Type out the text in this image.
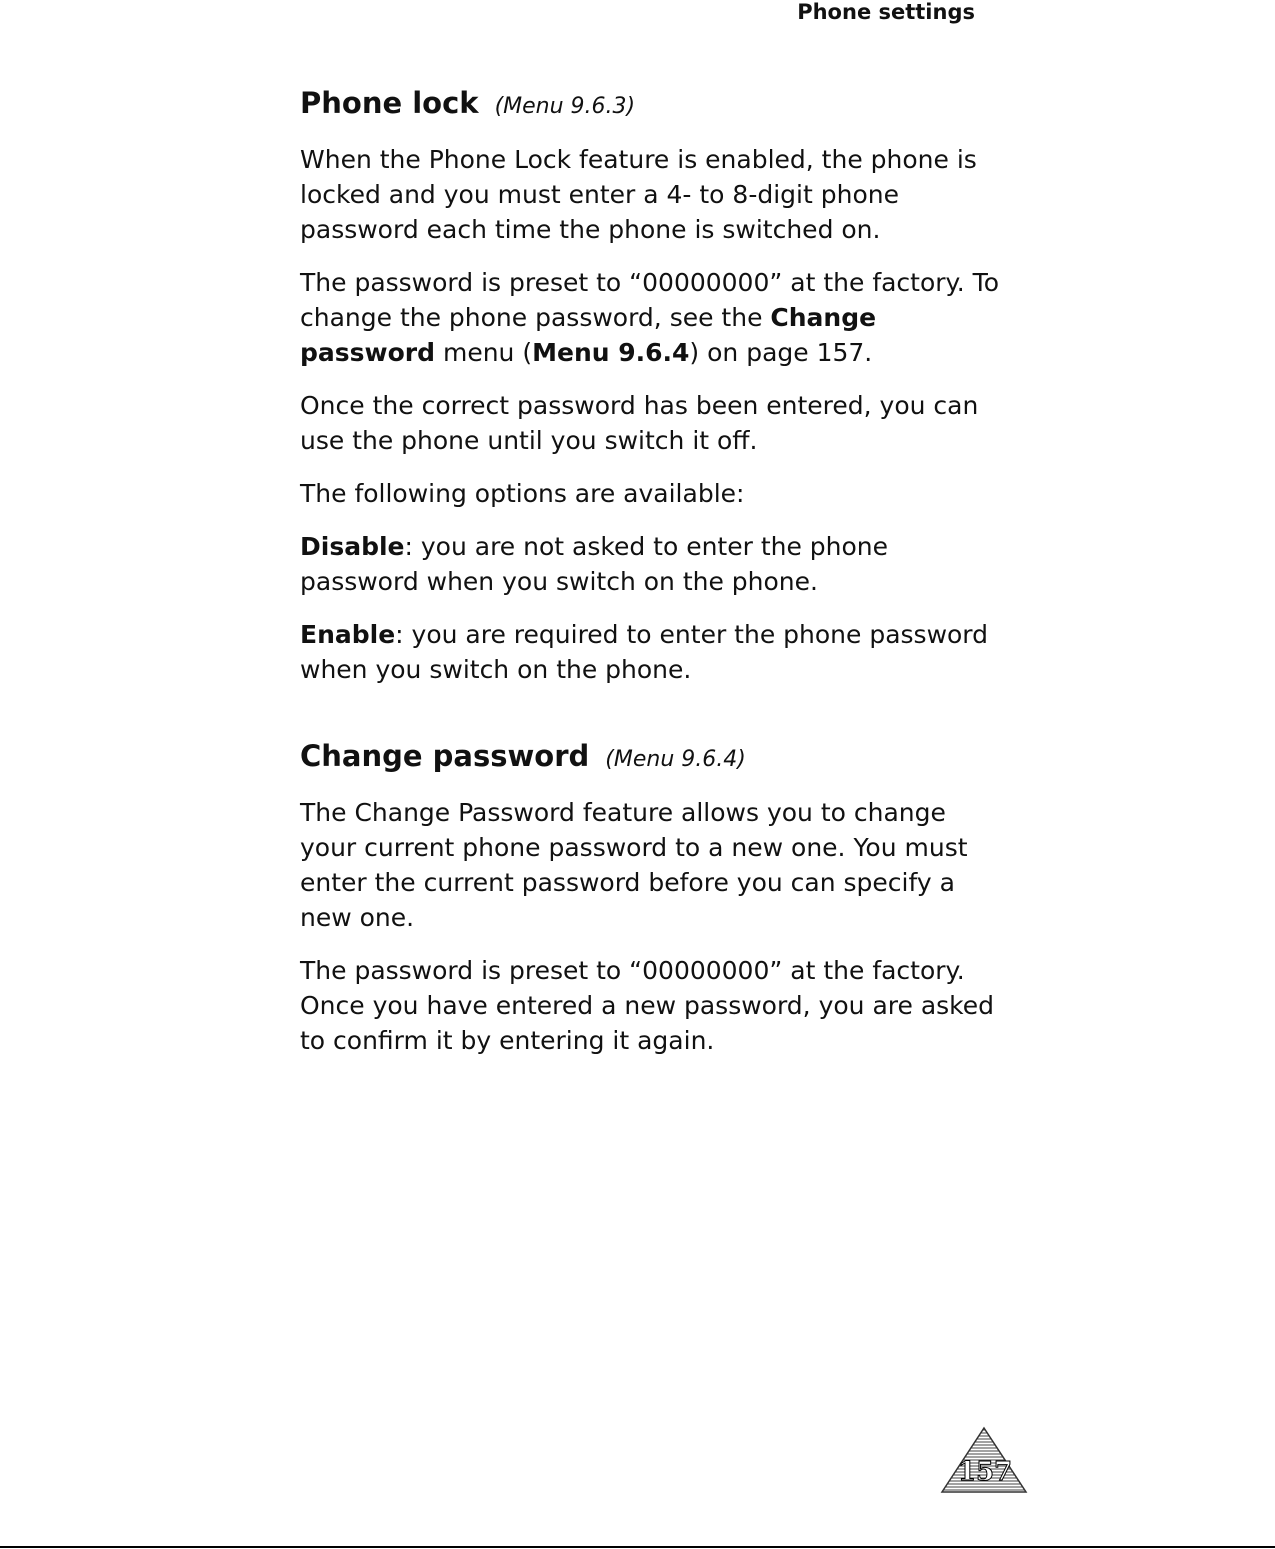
Phone settings
Phone lock (Menu 9.6.3)

When the Phone Lock feature is enabled, the phone is locked and you must enter a 4- to 8-digit phone password each time the phone is switched on.

The password is preset to “00000000” at the factory. To change the phone password, see the Change password menu (Menu 9.6.4) on page 157.

Once the correct password has been entered, you can use the phone until you switch it off.

The following options are available:

Disable: you are not asked to enter the phone password when you switch on the phone.

Enable: you are required to enter the phone password when you switch on the phone.

Change password (Menu 9.6.4)

The Change Password feature allows you to change your current phone password to a new one. You must enter the current password before you can specify a new one.

The password is preset to “00000000” at the factory. Once you have entered a new password, you are asked to confirm it by entering it again.

157
